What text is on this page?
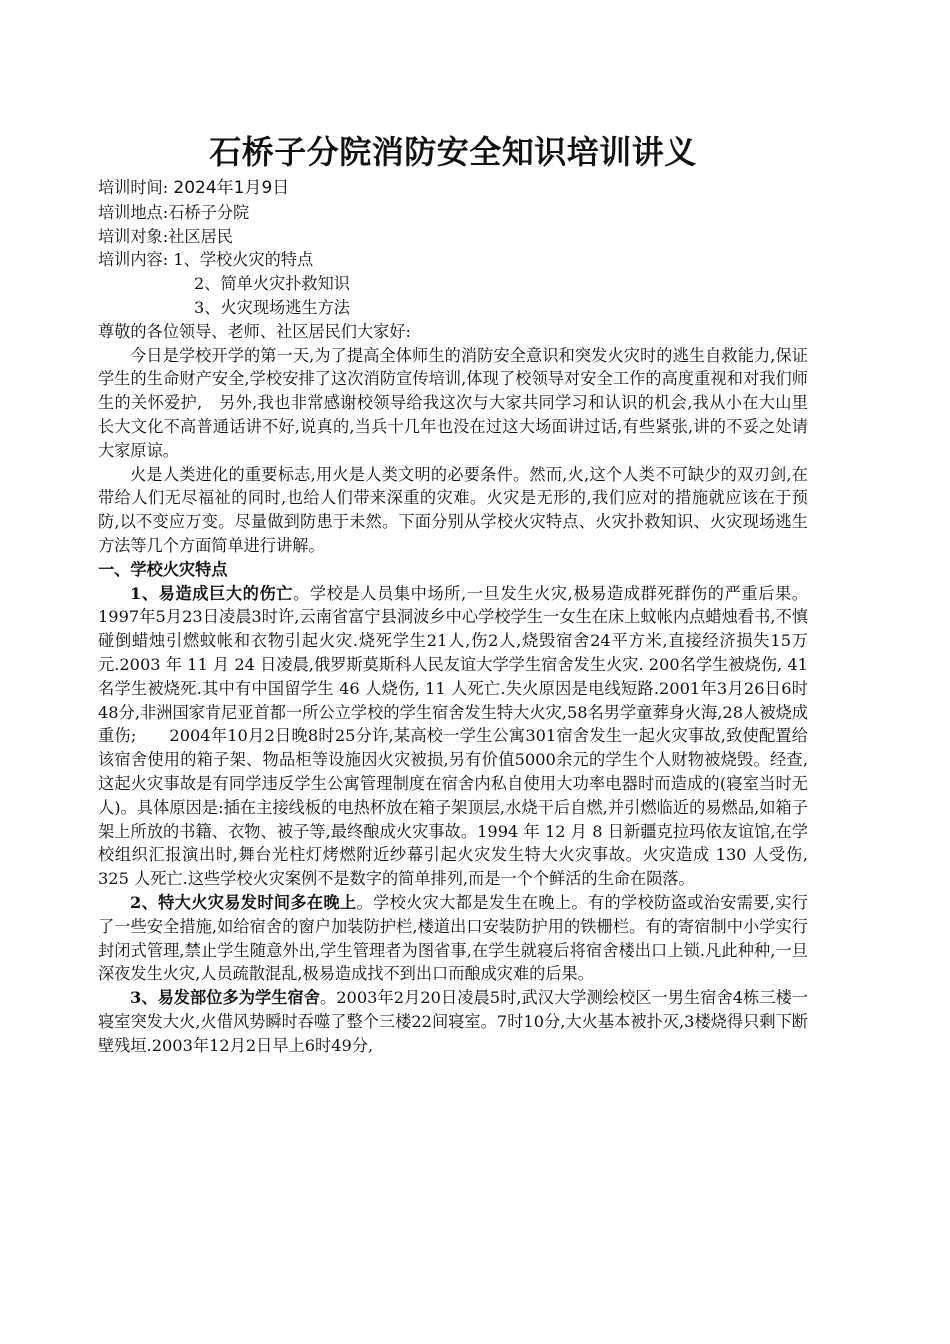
石桥子分院消防安全知识培训讲义
培训时间: 2024年1月9日
培训地点:石桥子分院
培训对象:社区居民
培训内容: 1、学校火灾的特点
2、简单火灾扑救知识
3、火灾现场逃生方法

尊敬的各位领导、老师、社区居民们大家好:

今日是学校开学的第一天,为了提高全体师生的消防安全意识和突发火灾时的逃生自救能力,保证学生的生命财产安全,学校安排了这次消防宣传培训,体现了校领导对安全工作的高度重视和对我们师生的关怀爱护,　另外,我也非常感谢校领导给我这次与大家共同学习和认识的机会,我从小在大山里长大文化不高普通话讲不好,说真的,当兵十几年也没在过这大场面讲过话,有些紧张,讲的不妥之处请大家原谅。

火是人类进化的重要标志,用火是人类文明的必要条件。然而,火,这个人类不可缺少的双刃剑,在带给人们无尽福祉的同时,也给人们带来深重的灾难。火灾是无形的,我们应对的措施就应该在于预防,以不变应万变。尽量做到防患于未然。下面分别从学校火灾特点、火灾扑救知识、火灾现场逃生方法等几个方面简单进行讲解。

一、学校火灾特点

1、易造成巨大的伤亡。学校是人员集中场所,一旦发生火灾,极易造成群死群伤的严重后果。1997年5月23日凌晨3时许,云南省富宁县洞波乡中心学校学生一女生在床上蚊帐内点蜡烛看书,不慎碰倒蜡烛引燃蚊帐和衣物引起火灾.烧死学生21人,伤2人,烧毁宿舍24平方米,直接经济损失15万元.2003 年 11 月 24 日凌晨,俄罗斯莫斯科人民友谊大学学生宿舍发生火灾. 200名学生被烧伤, 41 名学生被烧死.其中有中国留学生 46 人烧伤, 11 人死亡.失火原因是电线短路.2001年3月26日6时48分,非洲国家肯尼亚首都一所公立学校的学生宿舍发生特大火灾,58名男学童葬身火海,28人被烧成重伤;　　2004年10月2日晚8时25分许,某高校一学生公寓301宿舍发生一起火灾事故,致使配置给该宿舍使用的箱子架、物品柜等设施因火灾被损,另有价值5000余元的学生个人财物被烧毁。经查,这起火灾事故是有同学违反学生公寓管理制度在宿舍内私自使用大功率电器时而造成的(寝室当时无人)。具体原因是:插在主接线板的电热杯放在箱子架顶层,水烧干后自燃,并引燃临近的易燃品,如箱子架上所放的书籍、衣物、被子等,最终酿成火灾事故。1994 年 12 月 8 日新疆克拉玛依友谊馆,在学校组织汇报演出时,舞台光柱灯烤燃附近纱幕引起火灾发生特大火灾事故。火灾造成 130 人受伤, 325 人死亡.这些学校火灾案例不是数字的简单排列,而是一个个鲜活的生命在陨落。

2、特大火灾易发时间多在晚上。学校火灾大都是发生在晚上。有的学校防盗或治安需要,实行了一些安全措施,如给宿舍的窗户加装防护栏,楼道出口安装防护用的铁栅栏。有的寄宿制中小学实行封闭式管理,禁止学生随意外出,学生管理者为图省事,在学生就寝后将宿舍楼出口上锁.凡此种种,一旦深夜发生火灾,人员疏散混乱,极易造成找不到出口而酿成灾难的后果。

3、易发部位多为学生宿舍。2003年2月20日凌晨5时,武汉大学测绘校区一男生宿舍4栋三楼一寝室突发大火,火借风势瞬时吞噬了整个三楼22间寝室。7时10分,大火基本被扑灭,3楼烧得只剩下断壁残垣.2003年12月2日早上6时49分,
